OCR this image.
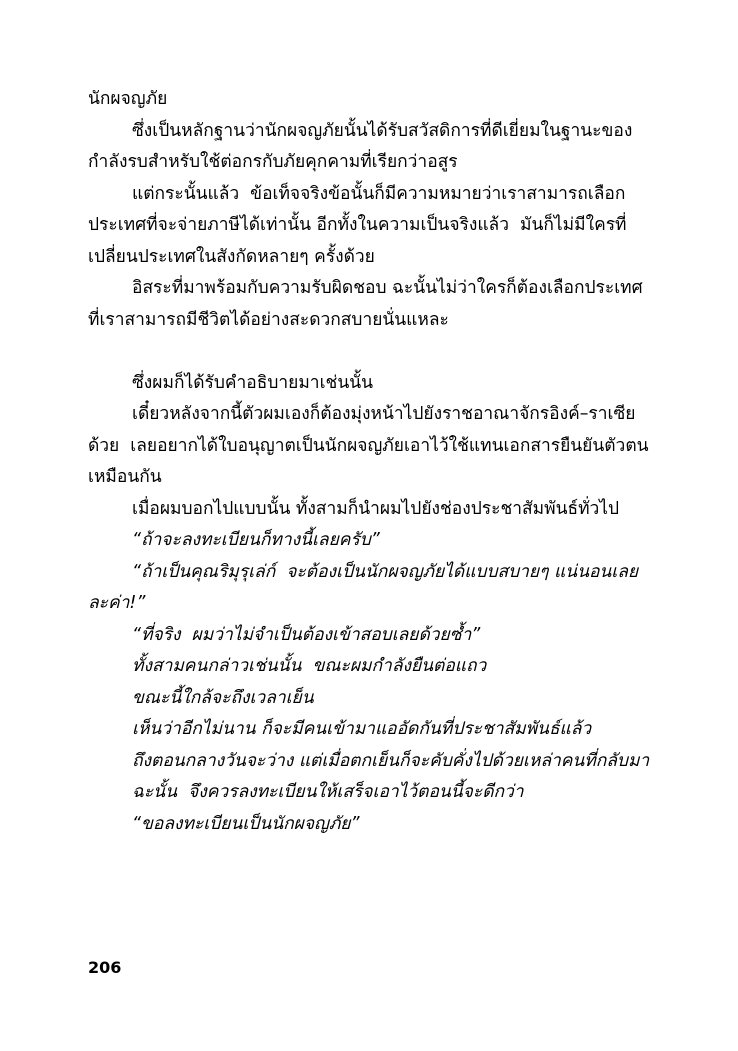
นักผจญภัย

ซึ่งเป็นหลักฐานว่านักผจญภัยนั้นได้รับสวัสดิการที่ดีเยี่ยมในฐานะของกำลังรบสำหรับใช้ต่อกรกับภัยคุกคามที่เรียกว่าอสูร

แต่กระนั้นแล้ว  ข้อเท็จจริงข้อนั้นก็มีความหมายว่าเราสามารถเลือกประเทศที่จะจ่ายภาษีได้เท่านั้น อีกทั้งในความเป็นจริงแล้ว  มันก็ไม่มีใครที่เปลี่ยนประเทศในสังกัดหลายๆ ครั้งด้วย

อิสระที่มาพร้อมกับความรับผิดชอบ ฉะนั้นไม่ว่าใครก็ต้องเลือกประเทศที่เราสามารถมีชีวิตได้อย่างสะดวกสบายนั่นแหละ

ซึ่งผมก็ได้รับคำอธิบายมาเช่นนั้น

เดี๋ยวหลังจากนี้ตัวผมเองก็ต้องมุ่งหน้าไปยังราชอาณาจักรอิงค์–ราเซียด้วย  เลยอยากได้ใบอนุญาตเป็นนักผจญภัยเอาไว้ใช้แทนเอกสารยืนยันตัวตนเหมือนกัน

เมื่อผมบอกไปแบบนั้น ทั้งสามก็นำผมไปยังช่องประชาสัมพันธ์ทั่วไป

“ถ้าจะลงทะเบียนก็ทางนี้เลยครับ”

“ถ้าเป็นคุณริมุรุเล่ก์  จะต้องเป็นนักผจญภัยได้แบบสบายๆ แน่นอนเลยละค่า!”

“ที่จริง  ผมว่าไม่จำเป็นต้องเข้าสอบเลยด้วยซ้ำ”

ทั้งสามคนกล่าวเช่นนั้น  ขณะผมกำลังยืนต่อแถว

ขณะนี้ใกล้จะถึงเวลาเย็น

เห็นว่าอีกไม่นาน ก็จะมีคนเข้ามาแออัดกันที่ประชาสัมพันธ์แล้ว

ถึงตอนกลางวันจะว่าง แต่เมื่อตกเย็นก็จะคับคั่งไปด้วยเหล่าคนที่กลับมา

ฉะนั้น  จึงควรลงทะเบียนให้เสร็จเอาไว้ตอนนี้จะดีกว่า

“ขอลงทะเบียนเป็นนักผจญภัย”

206
